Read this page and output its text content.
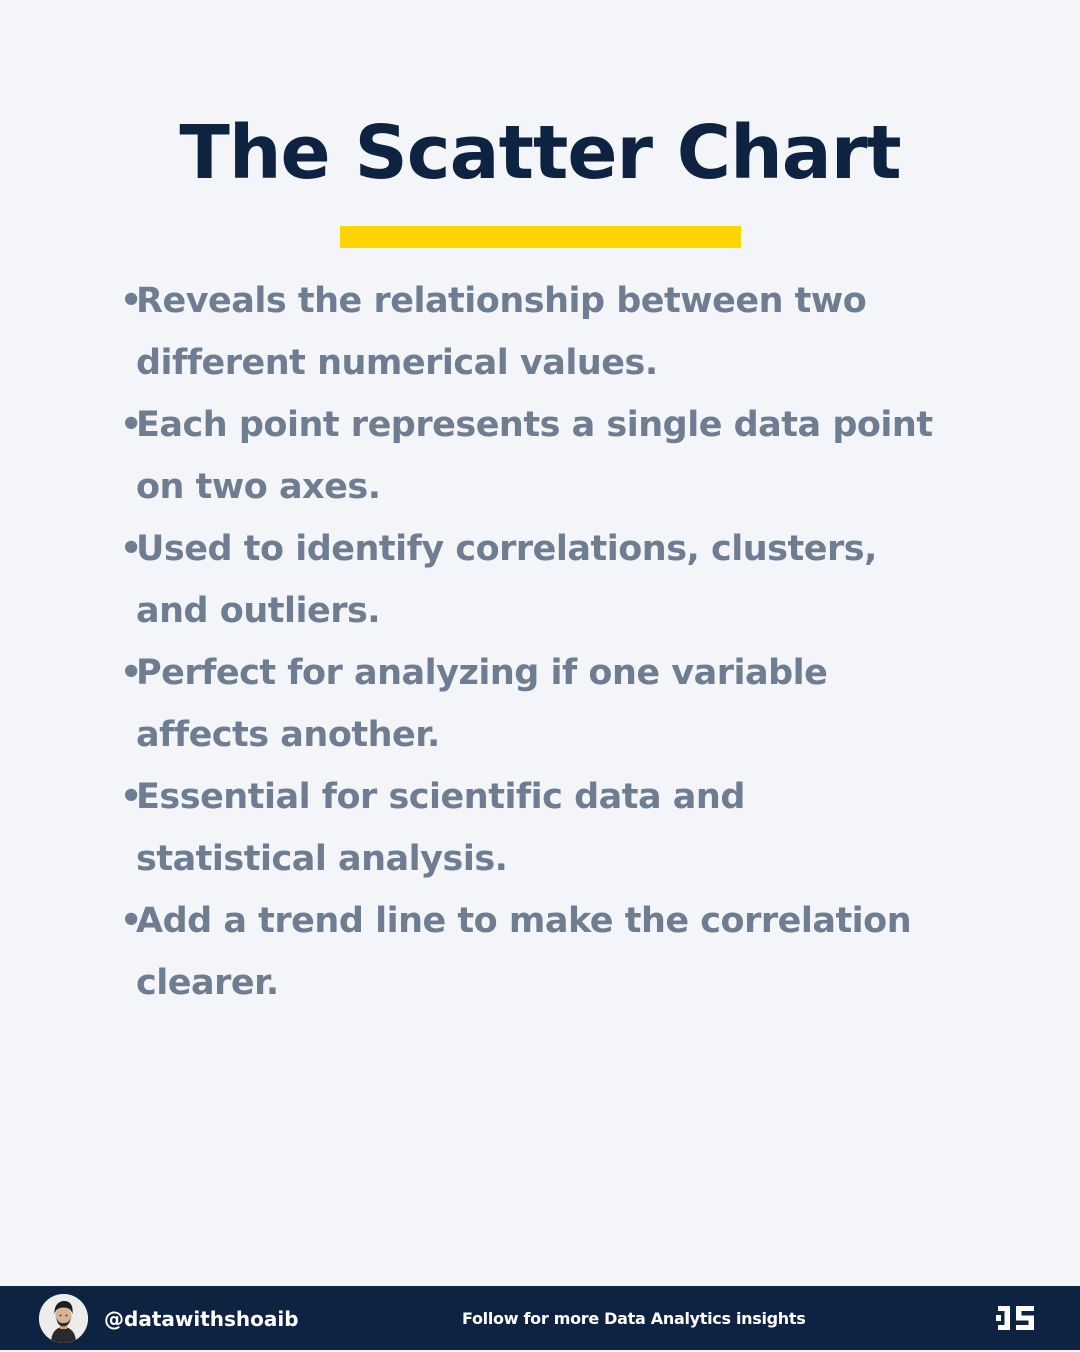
The Scatter Chart
•
Reveals the relationship between two
different numerical values.
•
Each point represents a single data point
on two axes.
•
Used to identify correlations, clusters,
and outliers.
•
Perfect for analyzing if one variable
affects another.
•
Essential for scientific data and
statistical analysis.
•
Add a trend line to make the correlation
clearer.
@datawithshoaib	Follow for more Data Analytics insights
